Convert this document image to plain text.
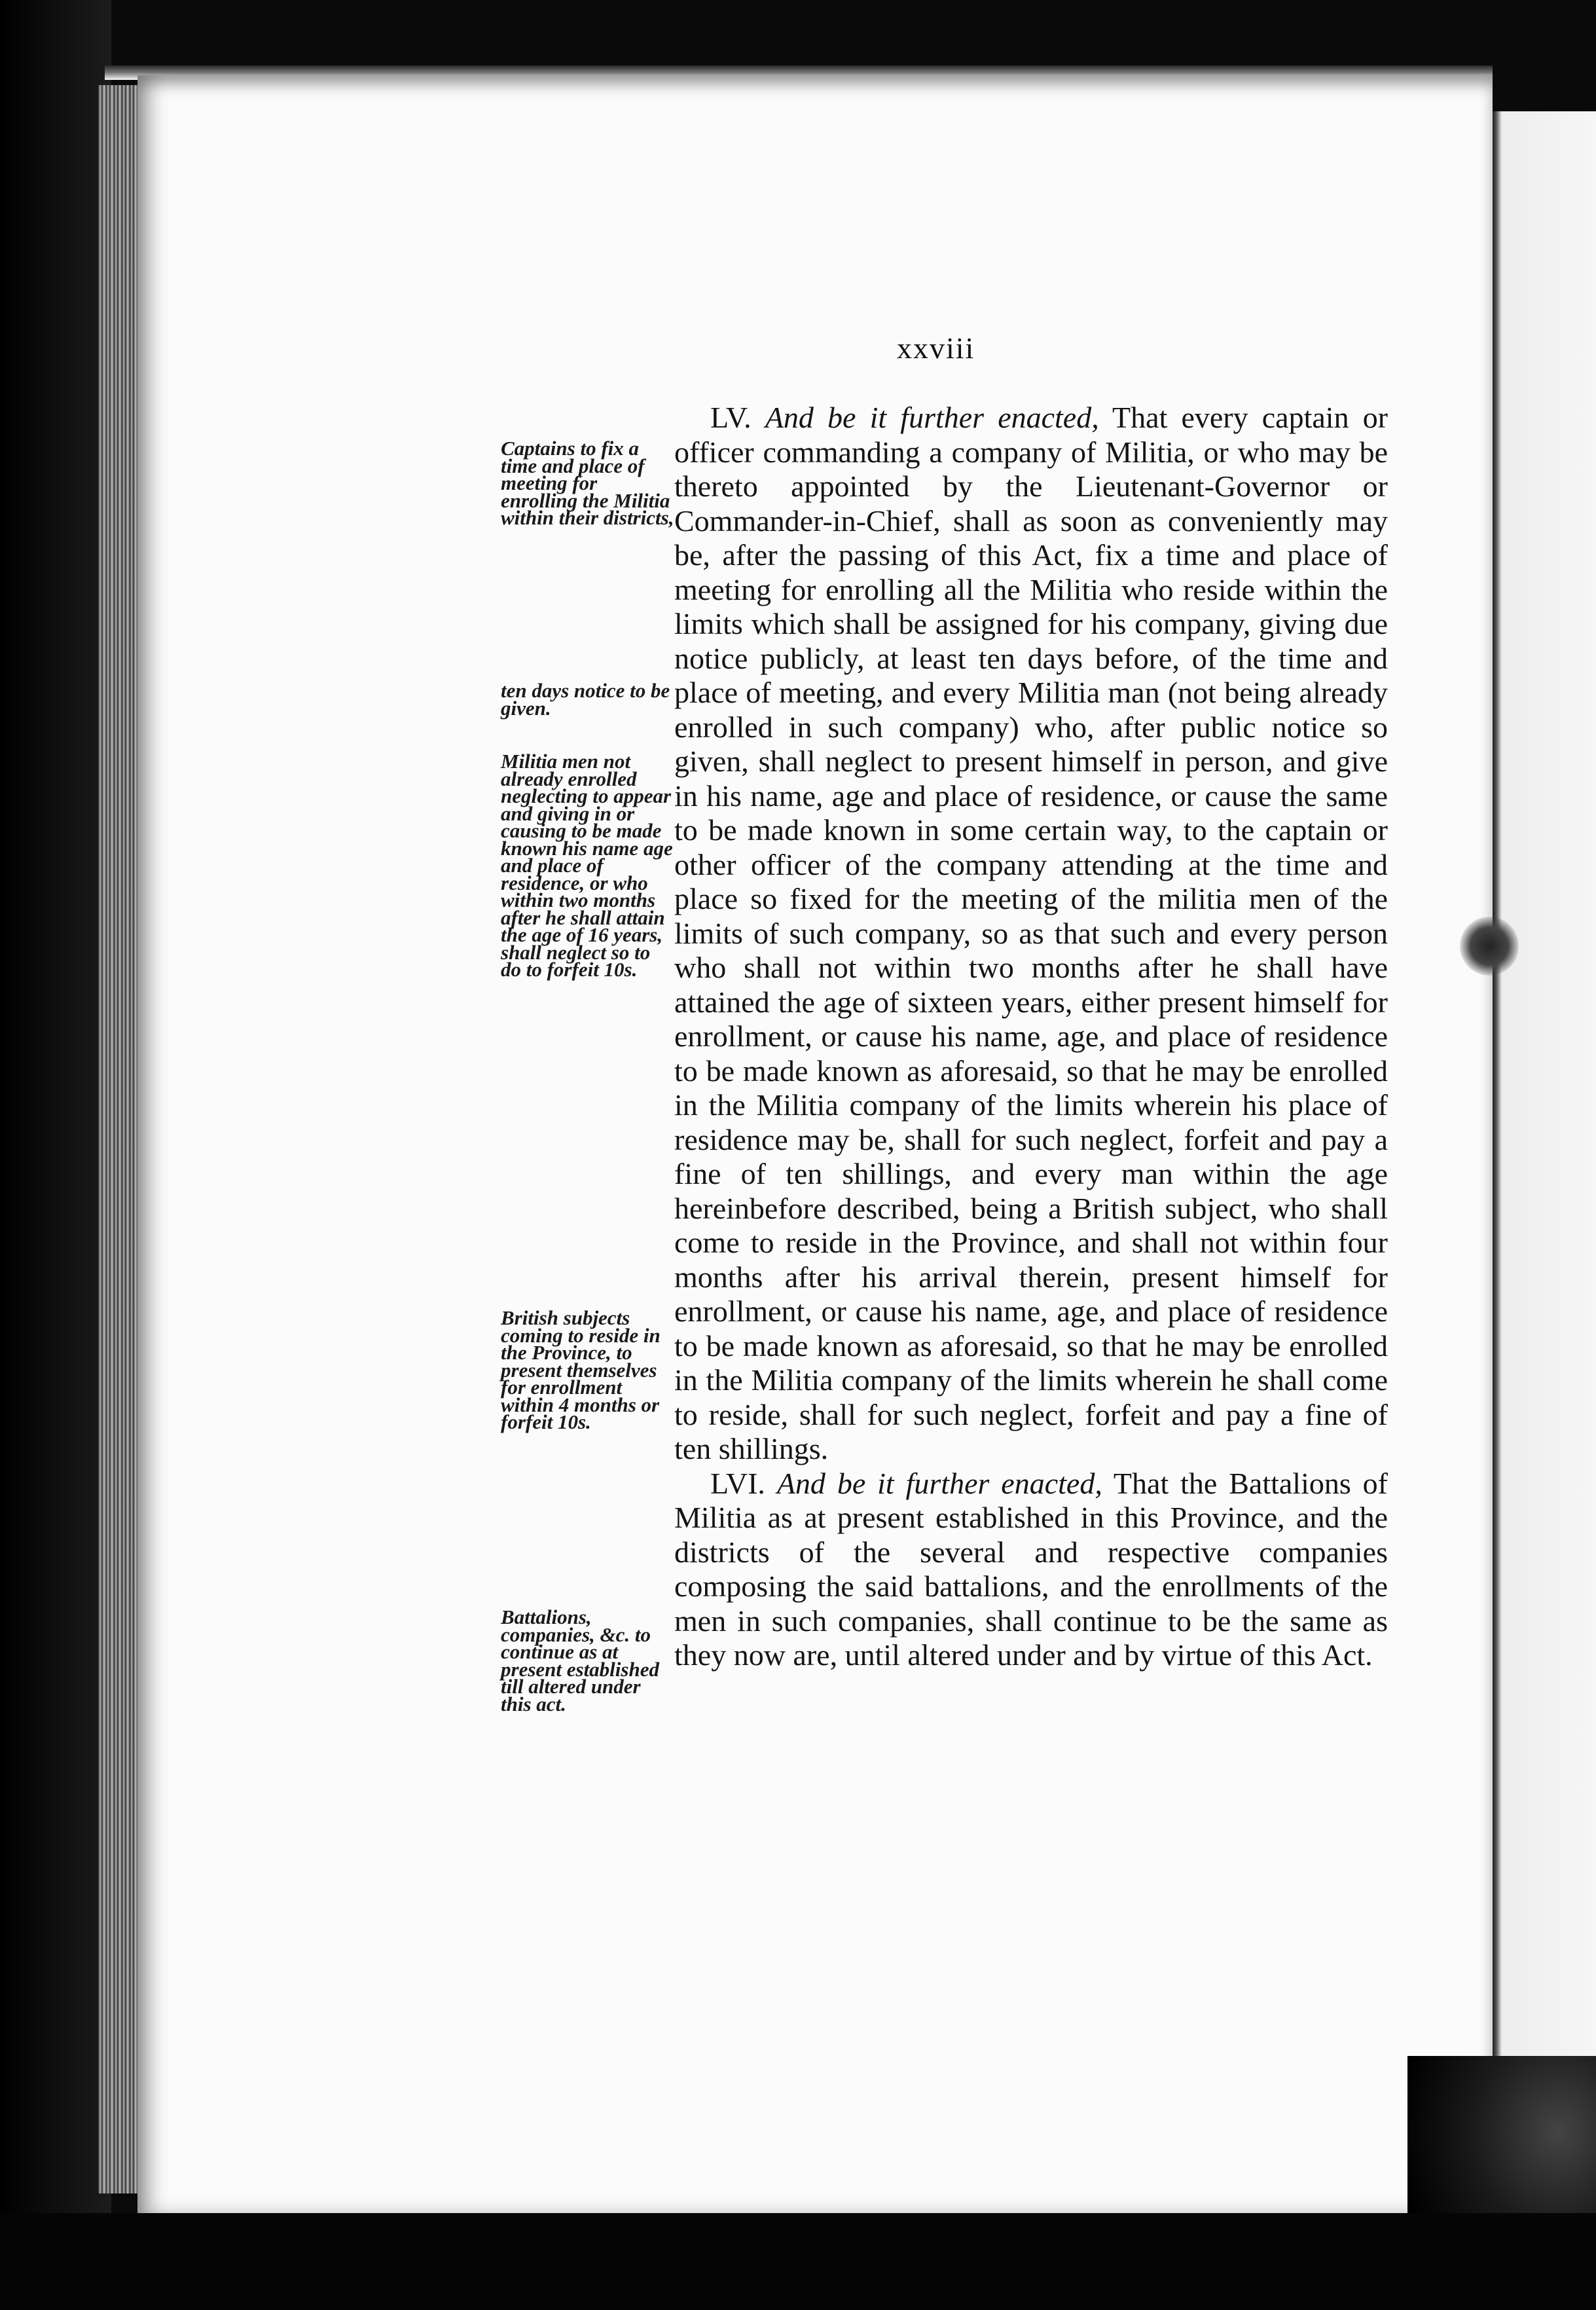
xxviii
Captains to fix a time and place of meeting for enrolling the Militia within their districts,
ten days notice to be given.
Militia men not already enrolled neglecting to appear and giving in or causing to be made known his name age and place of residence, or who within two months after he shall attain the age of 16 years, shall neglect so to do to forfeit 10s.
British subjects coming to reside in the Province, to present themselves for enrollment within 4 months or forfeit 10s.
Battalions, companies, &c. to continue as at present established till altered under this act.

LV. And be it further enacted, That every captain or officer commanding a company of Militia, or who may be thereto appointed by the Lieutenant-Governor or Commander-in-Chief, shall as soon as conveniently may be, after the passing of this Act, fix a time and place of meeting for enrolling all the Militia who reside within the limits which shall be assigned for his company, giving due notice publicly, at least ten days before, of the time and place of meeting, and every Militia man (not being already enrolled in such company) who, after public notice so given, shall neglect to present himself in person, and give in his name, age and place of residence, or cause the same to be made known in some certain way, to the captain or other officer of the company attending at the time and place so fixed for the meeting of the militia men of the limits of such company, so as that such and every person who shall not within two months after he shall have attained the age of sixteen years, either present himself for enrollment, or cause his name, age, and place of residence to be made known as aforesaid, so that he may be enrolled in the Militia company of the limits wherein his place of residence may be, shall for such neglect, forfeit and pay a fine of ten shillings, and every man within the age hereinbefore described, being a British subject, who shall come to reside in the Province, and shall not within four months after his arrival therein, present himself for enrollment, or cause his name, age, and place of residence to be made known as aforesaid, so that he may be enrolled in the Militia company of the limits wherein he shall come to reside, shall for such neglect, forfeit and pay a fine of ten shillings.

LVI. And be it further enacted, That the Battalions of Militia as at present established in this Province, and the districts of the several and respective companies composing the said battalions, and the enrollments of the men in such companies, shall continue to be the same as they now are, until altered under and by virtue of this Act.
